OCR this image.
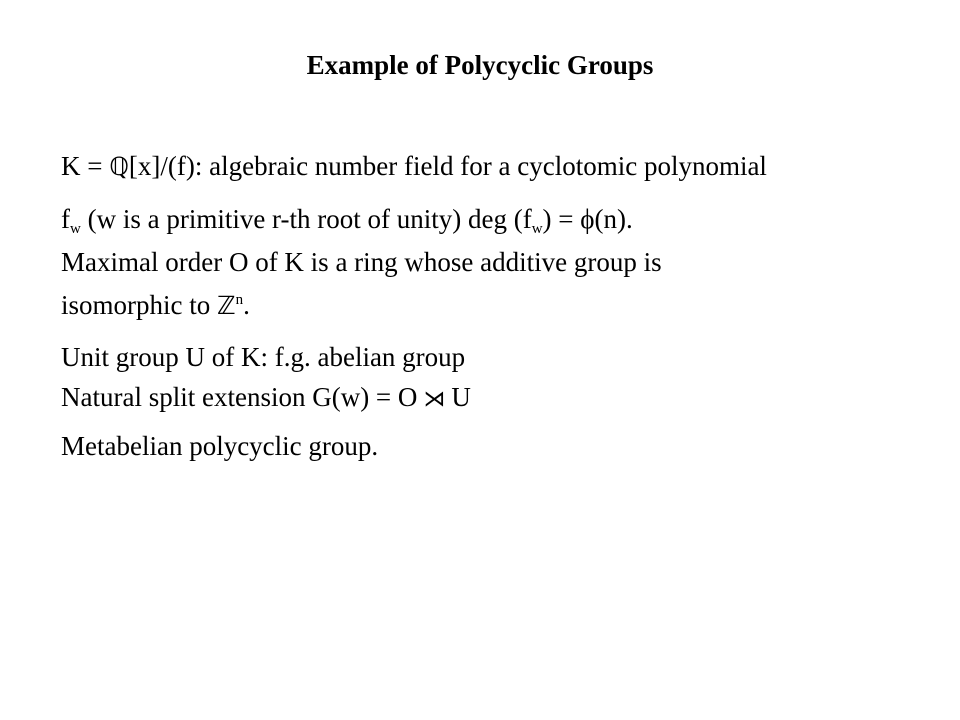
Example of Polycyclic Groups
K = ℚ[x]/(f): algebraic number field for a cyclotomic polynomial
$f_w$ (w is a primitive r-th root of unity) deg $(f_w) = \phi(n)$.
Maximal order O of K is a ring whose additive group is
isomorphic to ℤ$^n$.
Unit group U of K: f.g. abelian group
Natural split extension G(w) = O ⋊ U
Metabelian polycyclic group.
